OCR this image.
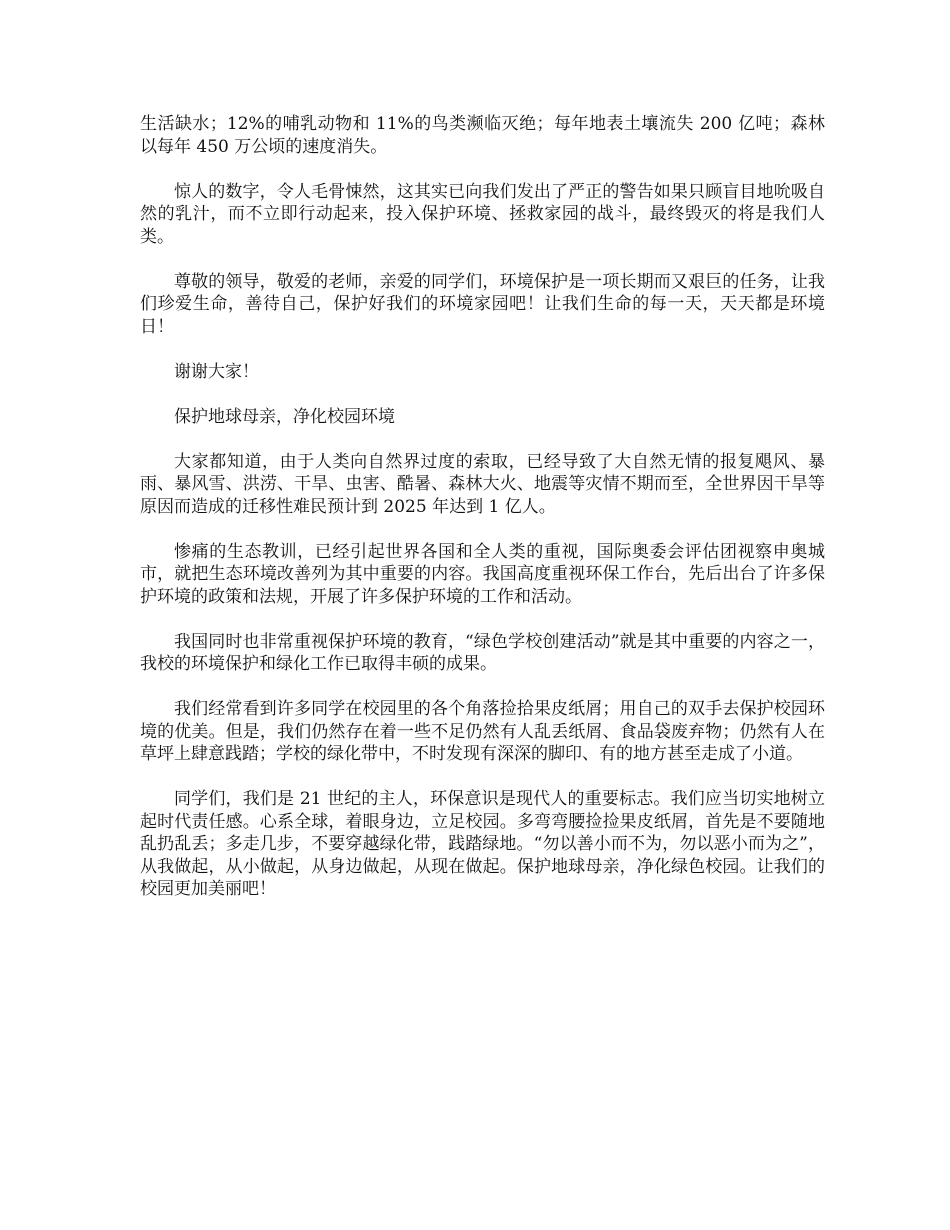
生活缺水；12%的哺乳动物和 11%的鸟类濒临灭绝；每年地表土壤流失 200 亿吨；森林以每年 450 万公顷的速度消失。

惊人的数字，令人毛骨悚然，这其实已向我们发出了严正的警告如果只顾盲目地吮吸自然的乳汁，而不立即行动起来，投入保护环境、拯救家园的战斗，最终毁灭的将是我们人类。

尊敬的领导，敬爱的老师，亲爱的同学们，环境保护是一项长期而又艰巨的任务，让我们珍爱生命，善待自己，保护好我们的环境家园吧！让我们生命的每一天，天天都是环境日！

谢谢大家！

保护地球母亲，净化校园环境

大家都知道，由于人类向自然界过度的索取，已经导致了大自然无情的报复飓风、暴雨、暴风雪、洪涝、干旱、虫害、酷暑、森林大火、地震等灾情不期而至，全世界因干旱等原因而造成的迁移性难民预计到 2025 年达到 1 亿人。

惨痛的生态教训，已经引起世界各国和全人类的重视，国际奥委会评估团视察申奥城市，就把生态环境改善列为其中重要的内容。我国高度重视环保工作台，先后出台了许多保护环境的政策和法规，开展了许多保护环境的工作和活动。

我国同时也非常重视保护环境的教育，“绿色学校创建活动”就是其中重要的内容之一，我校的环境保护和绿化工作已取得丰硕的成果。

我们经常看到许多同学在校园里的各个角落捡拾果皮纸屑；用自己的双手去保护校园环境的优美。但是，我们仍然存在着一些不足仍然有人乱丢纸屑、食品袋废弃物；仍然有人在草坪上肆意践踏；学校的绿化带中，不时发现有深深的脚印、有的地方甚至走成了小道。

同学们，我们是 21 世纪的主人，环保意识是现代人的重要标志。我们应当切实地树立起时代责任感。心系全球，着眼身边，立足校园。多弯弯腰捡捡果皮纸屑，首先是不要随地乱扔乱丢；多走几步，不要穿越绿化带，践踏绿地。“勿以善小而不为，勿以恶小而为之”，从我做起，从小做起，从身边做起，从现在做起。保护地球母亲，净化绿色校园。让我们的校园更加美丽吧！
